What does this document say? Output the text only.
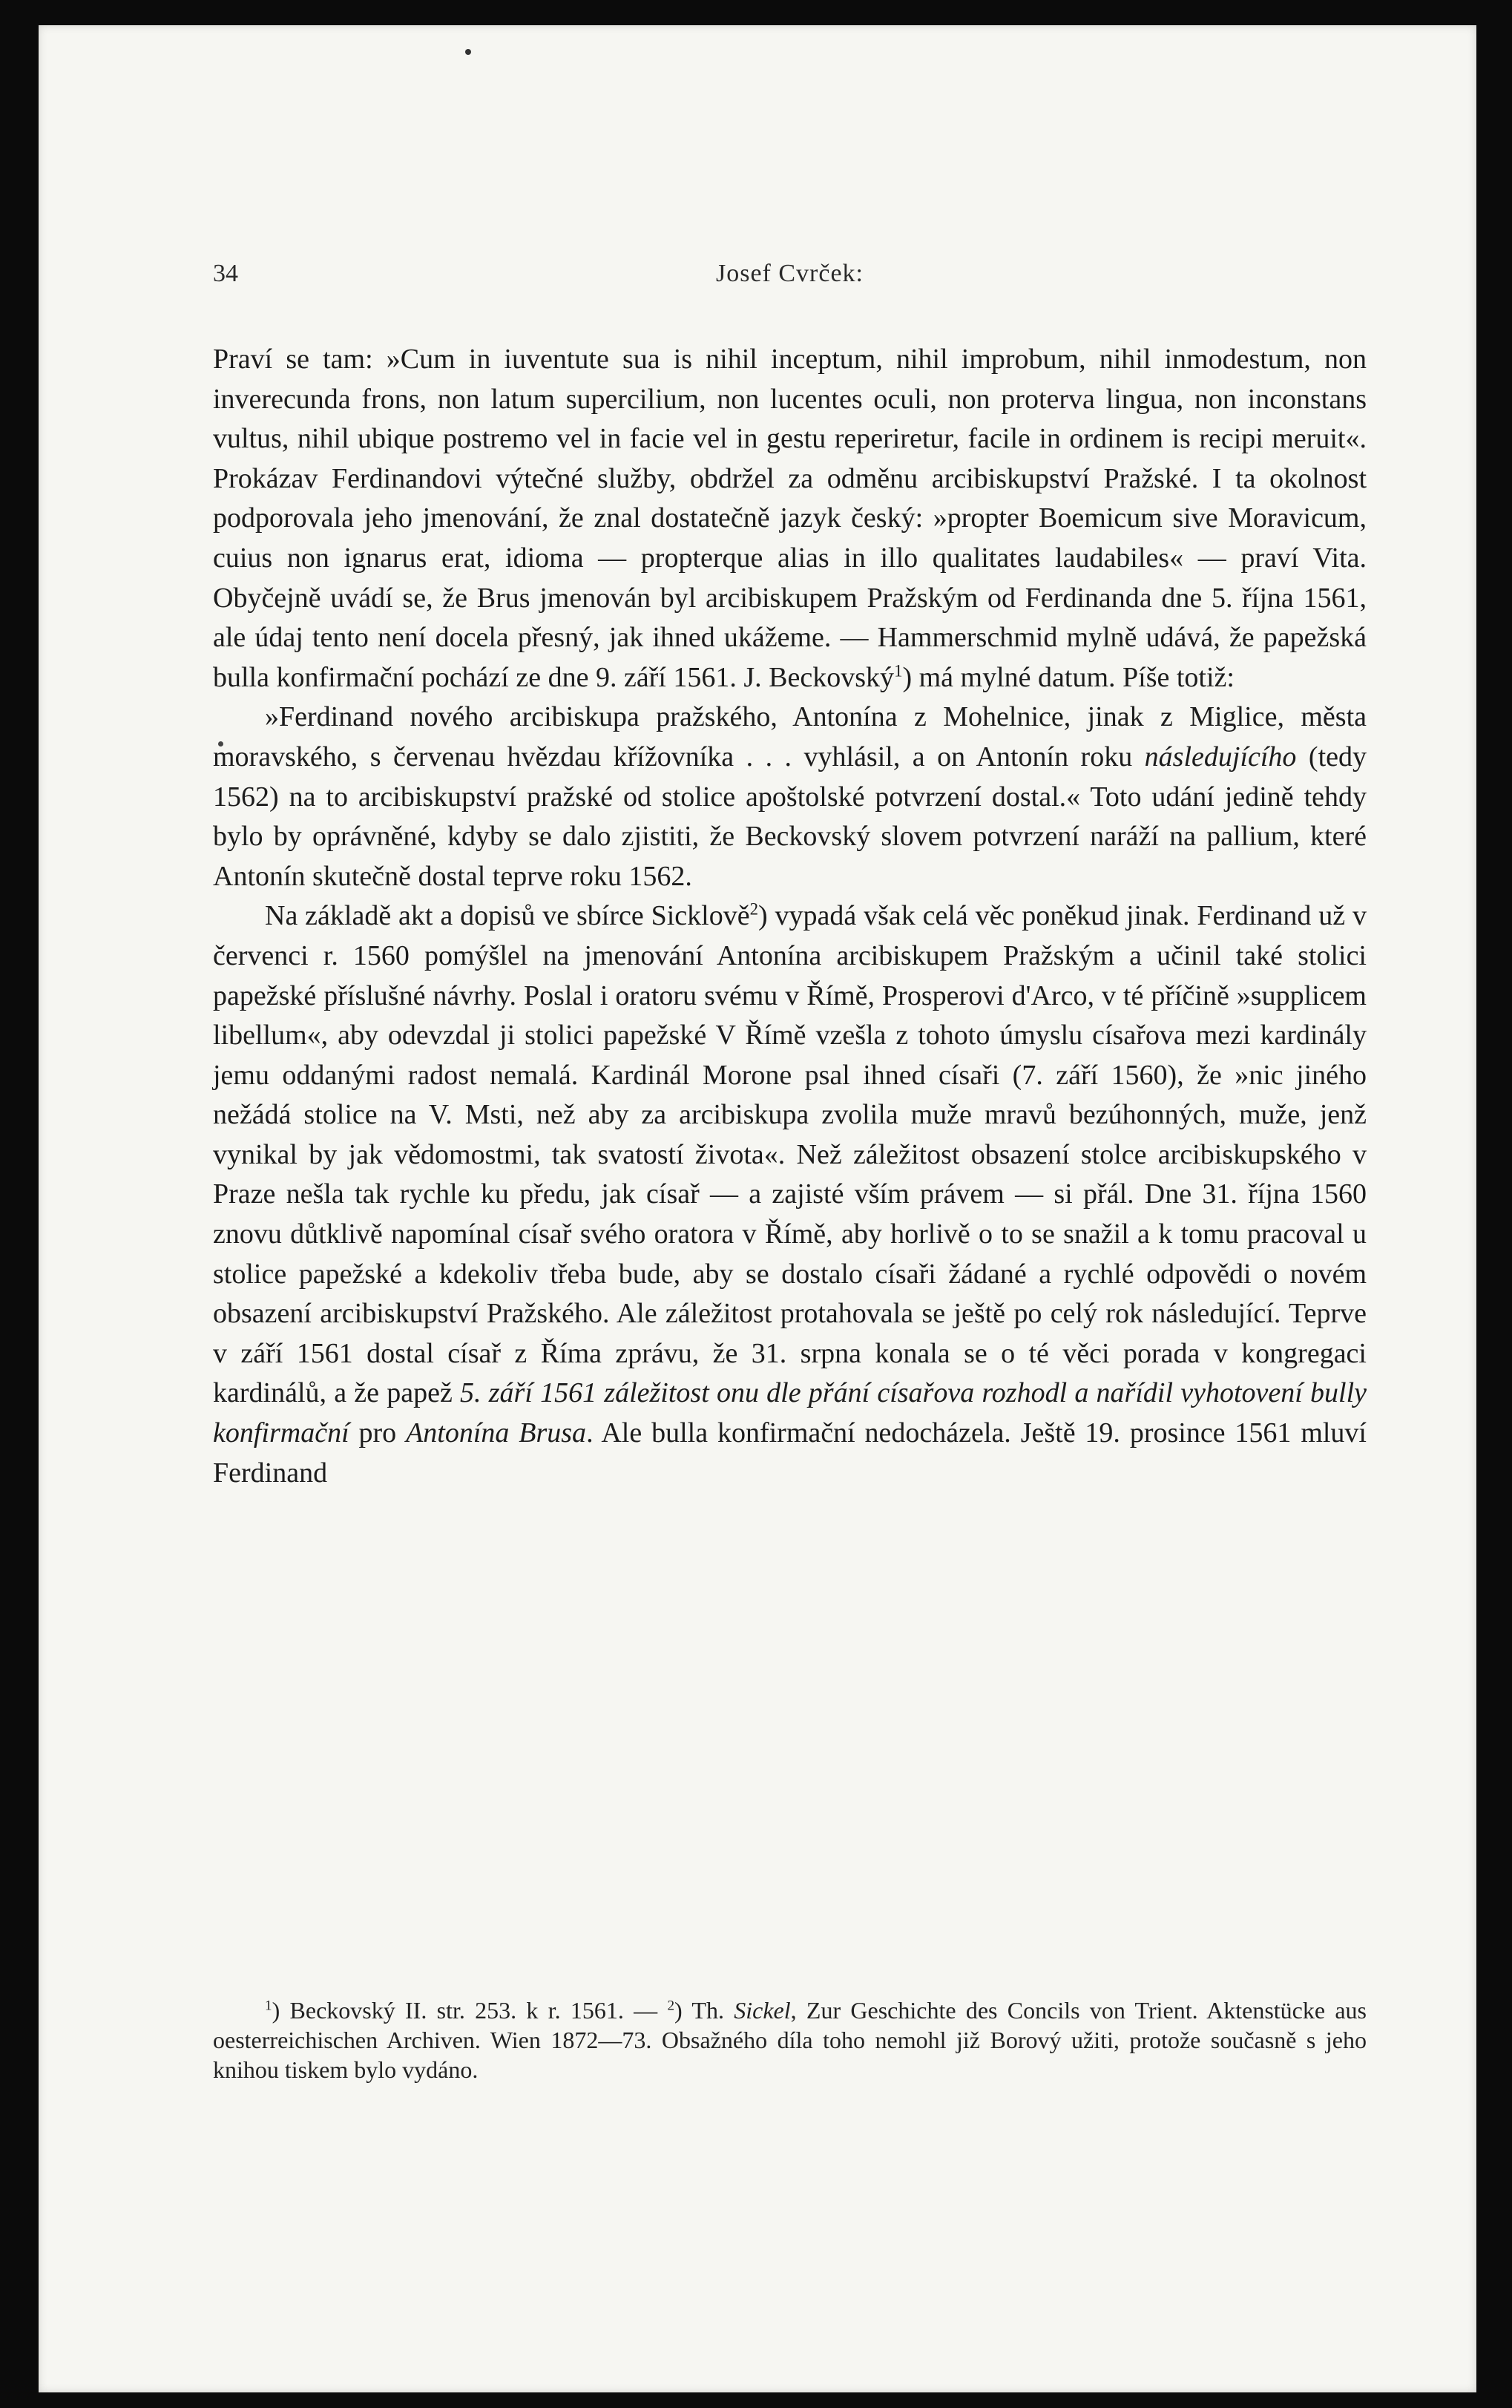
34	Josef Cvrček:

Praví se tam: »Cum in iuventute sua is nihil inceptum, nihil improbum, nihil inmodestum, non inverecunda frons, non latum supercilium, non lucentes oculi, non proterva lingua, non inconstans vultus, nihil ubique postremo vel in facie vel in gestu reperiretur, facile in ordinem is recipi meruit«. Prokázav Ferdinandovi výtečné služby, obdržel za odměnu arcibiskupství Pražské. I ta okolnost podporovala jeho jmenování, že znal dostatečně jazyk český: »propter Boemicum sive Moravicum, cuius non ignarus erat, idioma — propterque alias in illo qualitates laudabiles« — praví Vita. Obyčejně uvádí se, že Brus jmenován byl arcibiskupem Pražským od Ferdinanda dne 5. října 1561, ale údaj tento není docela přesný, jak ihned ukážeme. — Hammerschmid mylně udává, že papežská bulla konfirmační pochází ze dne 9. září 1561. J. Beckovský$^1$) má mylné datum. Píše totiž:

»Ferdinand nového arcibiskupa pražského, Antonína z Mohelnice, jinak z Miglice, města moravského, s červenau hvězdau křížovníka . . . vyhlásil, a on Antonín roku následujícího (tedy 1562) na to arcibiskupství pražské od stolice apoštolské potvrzení dostal.« Toto udání jedině tehdy bylo by oprávněné, kdyby se dalo zjistiti, že Beckovský slovem potvrzení naráží na pallium, které Antonín skutečně dostal teprve roku 1562.

Na základě akt a dopisů ve sbírce Sicklově$^2$) vypadá však celá věc poněkud jinak. Ferdinand už v červenci r. 1560 pomýšlel na jmenování Antonína arcibiskupem Pražským a učinil také stolici papežské příslušné návrhy. Poslal i oratoru svému v Římě, Prosperovi d'Arco, v té příčině »supplicem libellum«, aby odevzdal ji stolici papežské V Římě vzešla z tohoto úmyslu císařova mezi kardinály jemu oddanými radost nemalá. Kardinál Morone psal ihned císaři (7. září 1560), že »nic jiného nežádá stolice na V. Msti, než aby za arcibiskupa zvolila muže mravů bezúhonných, muže, jenž vynikal by jak vědomostmi, tak svatostí života«. Než záležitost obsazení stolce arcibiskupského v Praze nešla tak rychle ku předu, jak císař — a zajisté vším právem — si přál. Dne 31. října 1560 znovu důtklivě napomínal císař svého oratora v Římě, aby horlivě o to se snažil a k tomu pracoval u stolice papežské a kdekoliv třeba bude, aby se dostalo císaři žádané a rychlé odpovědi o novém obsazení arcibiskupství Pražského. Ale záležitost protahovala se ještě po celý rok následující. Teprve v září 1561 dostal císař z Říma zprávu, že 31. srpna konala se o té věci porada v kongregaci kardinálů, a že papež 5. září 1561 záležitost onu dle přání císařova rozhodl a nařídil vyhotovení bully konfirmační pro Antonína Brusa. Ale bulla konfirmační nedocházela. Ještě 19. prosince 1561 mluví Ferdinand

$^1$) Beckovský II. str. 253. k r. 1561. — $^2$) Th. Sickel, Zur Geschichte des Concils von Trient. Aktenstücke aus oesterreichischen Archiven. Wien 1872—73. Obsažného díla toho nemohl již Borový užiti, protože současně s jeho knihou tiskem bylo vydáno.
